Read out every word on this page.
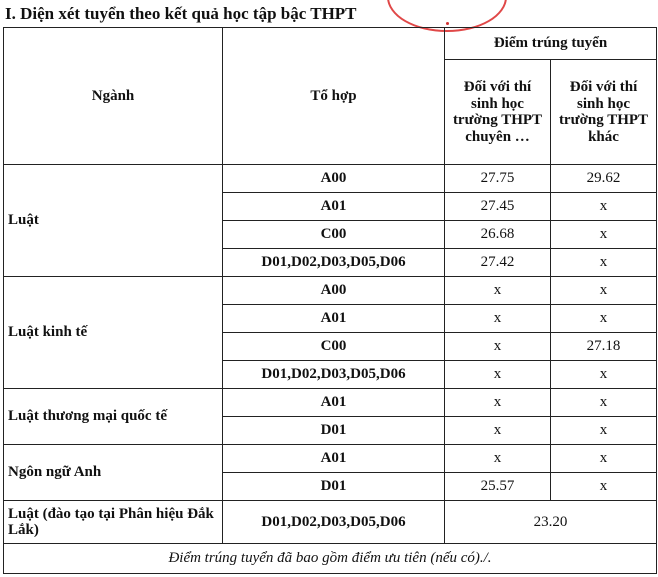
I. Diện xét tuyển theo kết quả học tập bậc THPT
Ngành	Tổ hợp	Điểm trúng tuyển	
		Đối với thí sinh học trường THPT chuyên …	Đối với thí sinh học trường THPT khác
Luật	A00	27.75	29.62
	A01	27.45	x
	C00	26.68	x
	D01,D02,D03,D05,D06	27.42	x
Luật kinh tế	A00	x	x
	A01	x	x
	C00	x	27.18
	D01,D02,D03,D05,D06	x	x
Luật thương mại quốc tế	A01	x	x
	D01	x	x
Ngôn ngữ Anh	A01	x	x
	D01	25.57	x
Luật (đào tạo tại Phân hiệu Đắk Lắk)	D01,D02,D03,D05,D06	23.20	
Điểm trúng tuyển đã bao gồm điểm ưu tiên (nếu có)./.			
